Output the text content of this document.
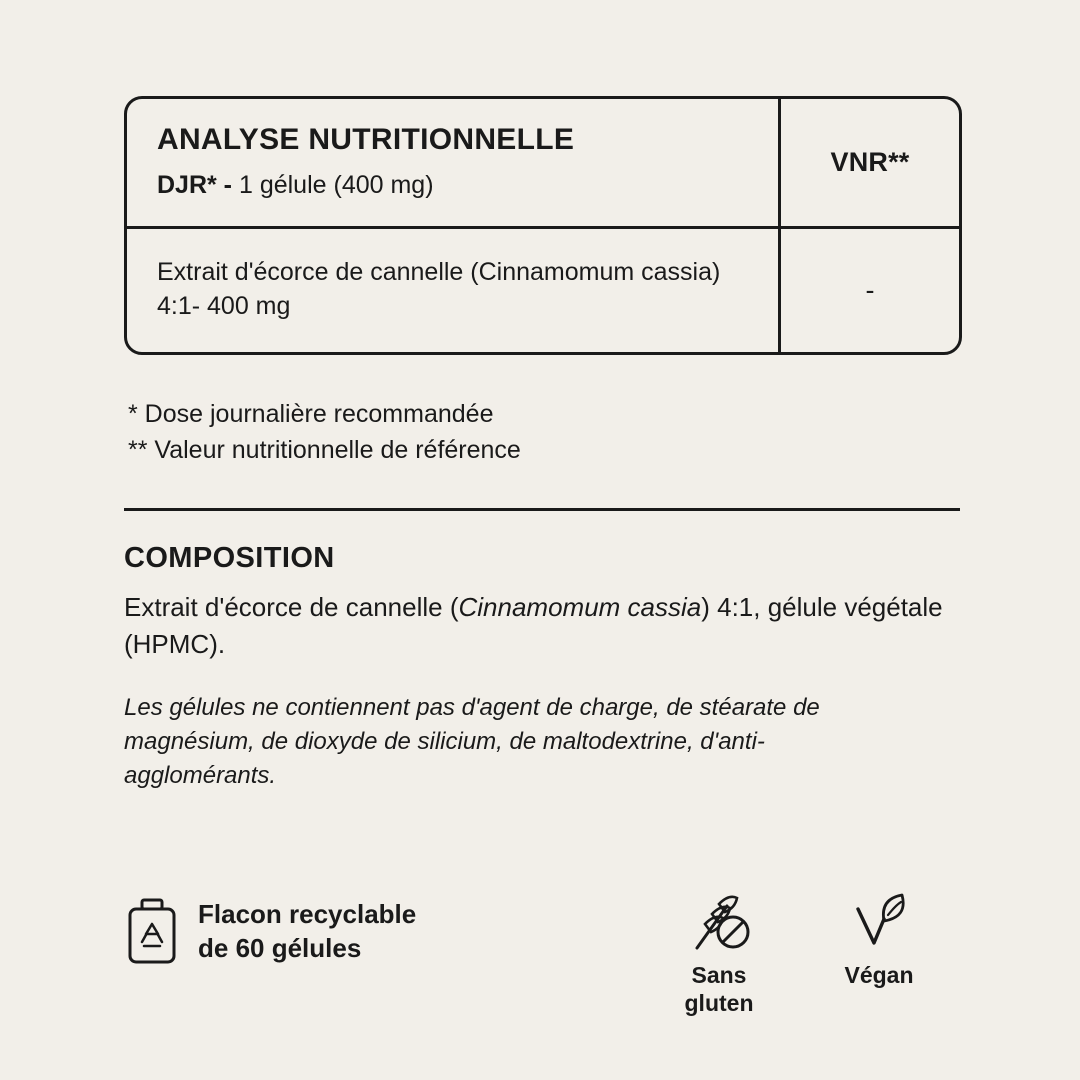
ANALYSE NUTRITIONNELLE
DJR* - 1 gélule (400 mg)
VNR**
Extrait d'écorce de cannelle (Cinnamomum cassia) 4:1- 400 mg
-

* Dose journalière recommandée

** Valeur nutritionnelle de référence

COMPOSITION

Extrait d'écorce de cannelle (Cinnamomum cassia) 4:1, gélule végétale (HPMC).

Les gélules ne contiennent pas d'agent de charge, de stéarate de magnésium, de dioxyde de silicium, de maltodextrine, d'anti-agglomérants.

Flacon recyclable
de 60 gélules
Sans
gluten
Végan
